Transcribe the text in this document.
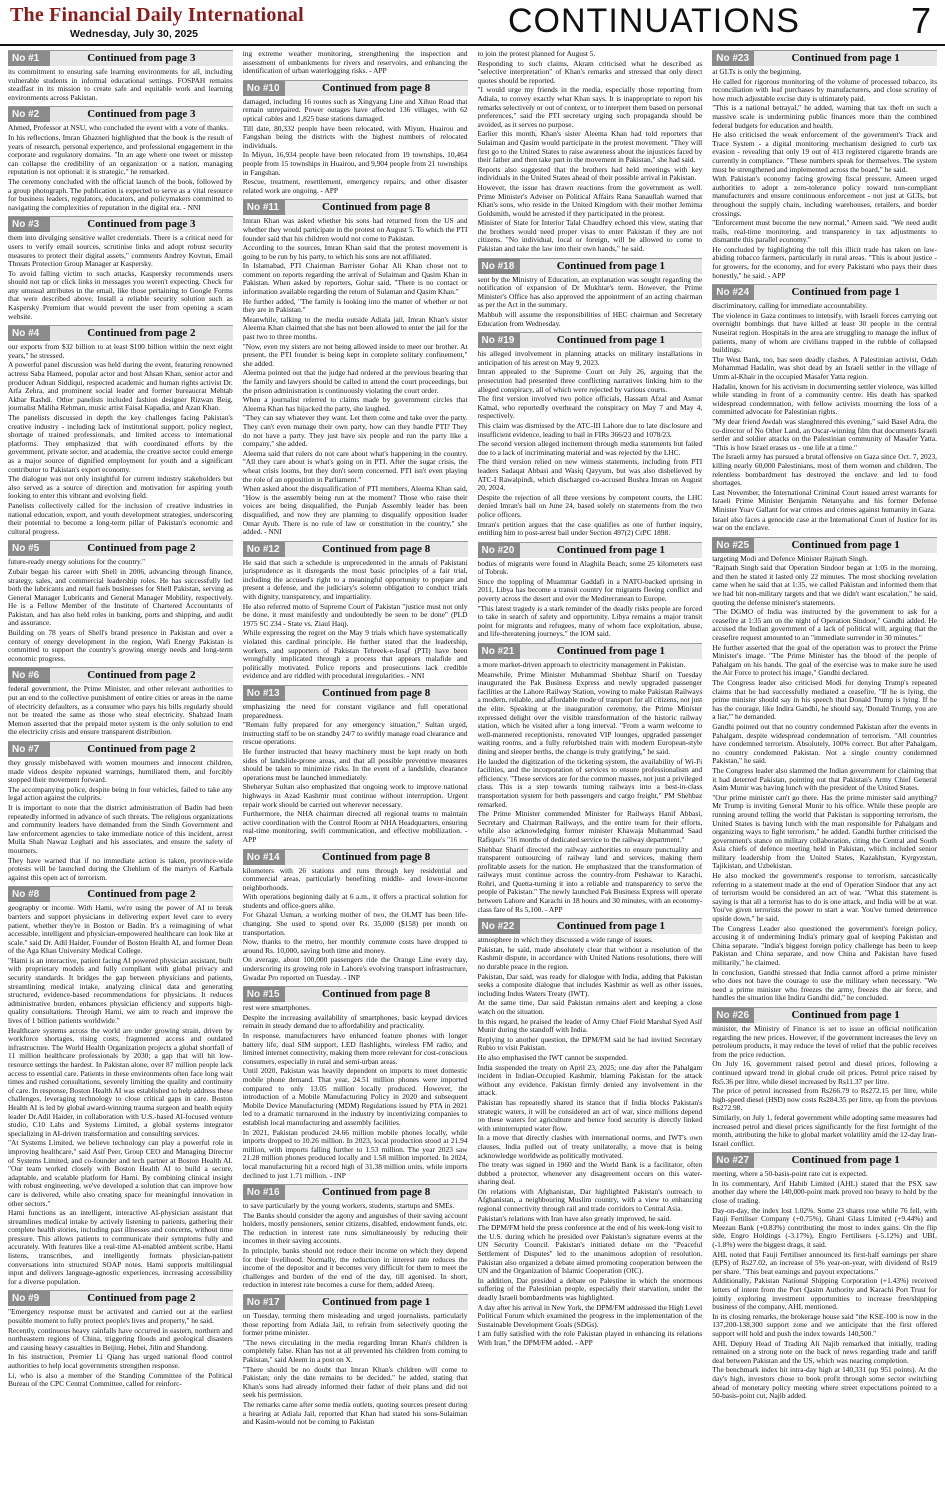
The Financial Daily International
Wednesday, July 30, 2025	CONTINUATIONS	7
No #1	Continued from page 3

its commitment to ensuring safe learning environments for all, including vulnerable students in informal educational settings. FOSPAH remains steadfast in its mission to create safe and equitable work and learning environments across Pakistan.

No #2	Continued from page 3

Ahmed, Professor at NSU, who concluded the event with a vote of thanks.

In his reflections, Imran Ghazneri highlighted that the book is the result of years of research, personal experience, and professional engagement in the corporate and regulatory domains. "In an age where one tweet or misstep can collapse the credibility of an organization or a nation, managing reputation is not optional: it is strategic," he remarked.

The ceremony concluded with the official launch of the book, followed by a group photograph. The publication is expected to serve as a vital resource for business leaders, regulators, educators, and policymakers committed to navigating the complexities of reputation in the digital era. - NNI

No #3	Continued from page 3

them into divulging sensitive wallet credentials. There is a critical need for users to verify email sources, scrutinise links and adopt robust security measures to protect their digital assets," comments Andrey Kovtun, Email Threats Protection Group Manager at Kaspersky.

To avoid falling victim to such attacks, Kaspersky recommends users should not tap or click links in messages you weren't expecting. Check for any unusual attributes in the email, like those pertaining to Google Forms that were described above. Install a reliable security solution such as Kaspersky Premium that would prevent the user from opening a scam website.

No #4	Continued from page 2

our exports from $32 billion to at least $100 billion within the next eight years," he stressed.

A powerful panel discussion was held during the event, featuring renowned actress Saba Hameed, popular actor and host Ahsan Khan, senior actor and producer Adnan Siddiqui, respected academic and human rights activist Dr. Arfa Zehra, and prominent social leader and former bureaucrat Mehtab Akbar Rashdi. Other panelists included fashion designer Rizwan Beig, journalist Maliha Rehman, music artist Faisal Kapadia, and Azan Khan.

The panelists discussed in depth the key challenges facing Pakistan's creative industry - including lack of institutional support, policy neglect, shortage of trained professionals, and limited access to international platforms. They emphasized that with coordinated efforts by the government, private sector, and academia, the creative sector could emerge as a major source of dignified employment for youth and a significant contributor to Pakistan's export economy.

The dialogue was not only insightful for current industry stakeholders but also served as a source of direction and motivation for aspiring youth looking to enter this vibrant and evolving field.

Panelists collectively called for the inclusion of creative industries in national education, export, and youth development strategies, underscoring their potential to become a long-term pillar of Pakistan's economic and cultural progress.

No #5	Continued from page 2

future-ready energy solutions for the country."

Zubair began his career with Shell in 2006, advancing through finance, strategy, sales, and commercial leadership roles. He has successfully led both the lubricants and retail fuels businesses for Shell Pakistan, serving as General Manager Lubricants and General Manager Mobility, respectively. He is a Fellow Member of the Institute of Chartered Accountants of Pakistan, and has also held roles in banking, ports and shipping, and audit and assurance.

Building on 78 years of Shell's brand presence in Pakistan and over a century of energy development in the region, Wafi Energy Pakistan is committed to support the country's growing energy needs and long-term economic progress.

No #6	Continued from page 2

federal government, the Prime Minister, and other relevant authorities to put an end to the collective punishment of entire cities or areas in the name of electricity defaulters, as a consumer who pays his bills regularly should not be treated the same as those who steal electricity. Shahzad Inam Memon asserted that the prepaid meter system is the only solution to end the electricity crisis and ensure transparent distribution.

No #7	Continued from page 2

they grossly misbehaved with women mourners and innocent children, made videos despite repeated warnings, humiliated them, and forcibly stopped their movement forward.

The accompanying police, despite being in four vehicles, failed to take any legal action against the culprits.

It is important to note that the district administration of Badin had been repeatedly informed in advance of such threats. The religious organizations and community leaders have demanded from the Sindh Government and law enforcement agencies to take immediate notice of this incident, arrest Mulla Shah Nawaz Leghari and his associates, and ensure the safety of mourners.

They have warned that if no immediate action is taken, province-wide protests will be launched during the Chehlum of the martyrs of Karbala against this open act of terrorism.

No #8	Continued from page 2

geography or income. With Hami, we're using the power of AI to break barriers and support physicians in delivering expert level care to every patient, whether they're in Boston or Badin. It's a reimagining of what accessible, intelligent and physician-empowered healthcare can look like at scale." said Dr. Adil Haider, Founder of Boston Health AI, and former Dean of the Aga Khan University Medical College.

"Hami is an interactive, patient facing AI powered physician assistant, built with proprietary models and fully compliant with global privacy and security standards. It bridges the gap between physicians and patients, streamlining medical intake, analyzing clinical data and generating structured, evidence-based recommendations for physicians. It reduces administrative burden, enhances physician efficiency and supports high-quality consultations. Through Hami, we aim to reach and improve the lives of 1 billion patients worldwide."

Healthcare systems across the world are under growing strain, driven by workforce shortages, rising costs, fragmented access and outdated infrastructure. The World Health Organization projects a global shortfall of 11 million healthcare professionals by 2030; a gap that will hit low-resource settings the hardest. In Pakistan alone, over 87 million people lack access to essential care. Patients in these environments often face long wait times and rushed consultations, severely limiting the quality and continuity of care. In response, Boston Health AI was established to help address these challenges, leveraging technology to close critical gaps in care. Boston Health AI is led by global award-winning trauma surgeon and health equity leader Dr.Adil Haider, in collaboration with U.S.-based AI-focused venture studio, C10 Labs and Systems Limited, a global systems integrator specializing in AI-driven transformation and consulting services.

"At Systems Limited, we believe technology can play a powerful role in improving healthcare," said Asif Peer, Group CEO and Managing Director of Systems Limited, and co-founder and tech partner at Boston Health AI. "Our team worked closely with Boston Health AI to build a secure, adaptable, and scalable platform for Hami. By combining clinical insight with robust engineering, we've developed a solution that can improve how care is delivered, while also creating space for meaningful innovation in other sectors."

Hami functions as an intelligent, interactive AI-physician assistant that streamlines medical intake by actively listening to patients, gathering their complete health stories, including past illnesses and concerns, without time pressure. This allows patients to communicate their symptoms fully and accurately. With features like a real-time AI-enabled ambient scribe, Hami listens, transcribes, and intelligently formats physician-patient conversations into structured SOAP notes. Hami supports multilingual input and delivers language-agnostic experiences, increasing accessibility for a diverse population.

No #9	Continued from page 2

"Emergency response must be activated and carried out at the earliest possible moment to fully protect people's lives and property," he said.

Recently, continuous heavy rainfalls have occurred in eastern, northern and northeastern regions of China, triggering floods and geological disasters and causing heavy casualties in Beijing, Hebei, Jilin and Shandong.

In his instruction, Premier Li Qiang has urged national flood control authorities to help local governments strengthen response.

Li, who is also a member of the Standing Committee of the Political Bureau of the CPC Central Committee, called for reinforc-

ing extreme weather monitoring, strengthening the inspection and assessment of embankments for rivers and reservoirs, and enhancing the identification of urban waterlogging risks. - APP

No #10	Continued from page 8

damaged, including 16 routes such as Xingyang Line and Xihuo Road that remain unrepaired. Power outages have affected 136 villages, with 62 optical cables and 1,825 base stations damaged.

Till date, 80,332 people have been relocated, with Miyun, Huairou and Fangshan being the districts with the highest numbers of relocated individuals.

In Miyun, 16,934 people have been relocated from 19 townships, 10,464 people from 15 townships in Huairou, and 9,904 people from 21 townships in Fangshan.

Rescue, treatment, resettlement, emergency repairs, and other disaster related work are ongoing. - APP

No #11	Continued from page 8

Imran Khan was asked whether his sons had returned from the US and whether they would participate in the protest on August 5. To which the PTI founder said that his children would not come to Pakistan.

According to the sources, Imran Khan said that the protest movement is going to be run by his party, to which his sons are not affiliated.

In Islamabad, PTI Chairman Barrister Gohar Ali Khan chose not to comment on reports regarding the arrival of Sulaiman and Qasim Khan in Pakistan. When asked by reporters, Gohar said, "There is no contact or information available regarding the return of Sulaman and Qasim Khan."

He further added, "The family is looking into the matter of whether or not they are in Pakistan."

Meanwhile, talking to the media outside Adiala jail, Imran Khan's sister Aleema Khan claimed that she has not been allowed to enter the jail for the past two to three months.

"Now, even my sisters are not being allowed inside to meet our brother. At present, the PTI founder is being kept in complete solitary confinement," she added.

Aleema pointed out that the judge had ordered at the previous hearing that the family and lawyers should be called to attend the court proceedings, but the prison administration is continuously violating the court order.

When a journalist referred to claims made by government circles that Aleema Khan has hijacked the party, she laughed.

"They can say whatever they want. Let them come and take over the party. They can't even manage their own party, how can they handle PTI? They do not have a party. They just have six people and run the party like a company," she added.

Aleema said that rulers do not care about what's happening in the country. "All they care about is what's going on in PTI. After the sugar crisis, the wheat crisis looms, but they don't seem concerned. PTI isn't even playing the role of an opposition in Parliament."

When asked about the disqualification of PTI members, Aleema Khan said, "How is the assembly being run at the moment? Those who raise their voices are being disqualified, the Punjab Assembly leader has been disqualified, and now they are planning to disqualify opposition leader Omar Ayub. There is no rule of law or constitution in the country," she added. - NNI

No #12	Continued from page 8

He said that such a schedule is unprecedented in the annals of Pakistani jurisprudence as it disregards the most basic principles of a fair trial, including the accused's right to a meaningful opportunity to prepare and present a defense, and the judiciary's solemn obligation to conduct trials with dignity, transparency, and impartiality.

He also referred motto of Supreme Court of Pakistan "justice must not only be done, it must manifestly and undoubtedly be seen to be done" (PLD 1975 SC 234 - State vs. Ziaul Haq).

While expressing the regret on the May 9 trials which have systematically violated this cardinal principle. He further stated that the leadership, workers, and supporters of Pakistan Tehreek-e-Insaf (PTI) have been wrongfully implicated through a process that appears malafide and politically motivated. Police reports and prosecutions lack credible evidence and are riddled with procedural irregularities. - NNI

No #13	Continued from page 8

emphasizing the need for constant vigilance and full operational preparedness.

"Remain fully prepared for any emergency situation," Sultan urged, instructing staff to be on standby 24/7 to swiftly manage road clearance and rescue operations.

He further instructed that heavy machinery must be kept ready on both sides of landslide-prone areas, and that all possible preventive measures should be taken to minimize risks. In the event of a landslide, clearance operations must be launched immediately.

Sheheryar Sultan also emphasized that ongoing work to improve national highways in Azad Kashmir must continue without interruption. Urgent repair work should be carried out wherever necessary.

Furthermore, the NHA chairman directed all regional teams to maintain active coordination with the Control Room at NHA Headquarters, ensuring real-time monitoring, swift communication, and effective mobilization. - APP

No #14	Continued from page 8

kilometers with 26 stations and runs through key residential and commercial areas, particularly benefiting middle- and lower-income neighborhoods.

With operations beginning daily at 6 a.m., it offers a practical solution for students and office-goers alike.

For Ghazal Usman, a working mother of two, the OLMT has been life-changing. She used to spend over Rs. 35,000 ($158) per month on transportation.

Now, thanks to the metro, her monthly commute costs have dropped to around Rs. 10,000, saving both time and money.

On average, about 100,000 passengers ride the Orange Line every day, underscoring its growing role in Lahore's evolving transport infrastructure, Gwadar Pro reported on Tuesday. - INP

No #15	Continued from page 8

rest were smartphones.

Despite the increasing availability of smartphones, basic keypad devices remain in steady demand due to affordability and practicality.

In response, manufacturers have enhanced feature phones with longer battery life, dual SIM support, LED flashlights, wireless FM radio, and limited internet connectivity, making them more relevant for cost-conscious consumers, especially in rural and semi-urban areas.

Until 2020, Pakistan was heavily dependent on imports to meet domestic mobile phone demand. That year, 24.51 million phones were imported compared to only 13.05 million locally produced. However, the introduction of a Mobile Manufacturing Policy in 2020 and subsequent Mobile Device Manufacturing (MDM) Regulations issued by PTA in 2021 led to a dramatic turnaround in the industry by incentivizing companies to establish local manufacturing and assembly facilities.

In 2021, Pakistan produced 24.66 million mobile phones locally, while imports dropped to 10.26 million. In 2023, local production stood at 21.94 million, with imports falling further to 1.53 million. The year 2023 saw 21.28 million phones produced locally and 1.58 million imported. In 2024, local manufacturing hit a record high of 31.38 million units, while imports declined to just 1.71 million. - INP

No #16	Continued from page 8

to save particularly by the young workers, students, startups and SMEs.

The Banks should consider the agony and anguishes of their saving account holders, mostly pensioners, senior citizens, disabled, endowment funds, etc. The reduction in interest rate runs simultaneously by reducing their incomes in their saving accounts.

In principle, banks should not reduce their income on which they depend for their livelihood. Normally, the reduction in interest rate reduces the income of the depositor and it becomes very difficult for them to meet the challenges and burden of the end of the day, till agonised. In short, reduction in interest rate becomes a curse for them, added Ateeq.

No #17	Continued from page 1

on Tuesday, terming them misleading and urged journalists, particularly those reporting from Adiala Jail, to refrain from selectively quoting the former prime minister.

"The news circulating in the media regarding Imran Khan's children is completely false. Khan has not at all prevented his children from coming to Pakistan," said Aleem in a post on X.

"There should be no doubt that Imran Khan's children will come to Pakistan; only the date remains to be decided," he added, stating that Khan's sons had already informed their father of their plans and did not seek his permission.

The remarks came after some media outlets, quoting sources present during a hearing at Adiala Jail, reported that Khan had stated his sons-Sulaiman and Kasim-would not be coming to Pakistan

to join the protest planned for August 5.

Responding to such claims, Akram criticised what he described as "selective interpretation" of Khan's remarks and stressed that only direct quotes should be reported.

"I would urge my friends in the media, especially those reporting from Adiala, to convey exactly what Khan says. It is inappropriate to report his remarks selectively or out of context, or to interpret them based on personal preferences," said the PTI secretary urging such propaganda should be avoided, as it serves no purpose.

Earlier this month, Khan's sister Aleema Khan had told reporters that Sulaiman and Qasim would participate in the protest movement. "They will first go to the United States to raise awareness about the injustices faced by their father and then take part in the movement in Pakistan," she had said.

Reports also suggested that the brothers had held meetings with key individuals in the United States ahead of their possible arrival in Pakistan.

However, the issue has drawn reactions from the government as well. Prime Minister's Adviser on Political Affairs Rana Sanaullah warned that Khan's sons, who reside in the United Kingdom with their mother Jemima Goldsmith, would be arrested if they participated in the protest.

Minister of State for Interior Talal Chaudhry echoed this view, stating that the brothers would need proper visas to enter Pakistan if they are not citizens. "No individual, local or foreign, will be allowed to come to Pakistan and take the law into their own hands," he said.

No #18	Continued from page 1

sent by the Ministry of Education, an explanation was sought regarding the notification of expansion of Dr Mukhtar's term. However, the Prime Minister's Office has also approved the appointment of an acting chairman as per the Act in the summary.

Mahbub will assume the responsibilities of HEC chairman and Secretary Education from Wednesday.

No #19	Continued from page 1

his alleged involvement in planning attacks on military installations in anticipation of his arrest on May 9, 2023.

Imran appealed to the Supreme Court on July 26, arguing that the prosecution had presented three conflicting narratives linking him to the alleged conspiracy, all of which were rejected by various courts.

The first version involved two police officials, Hassam Afzal and Asmat Kamal, who reportedly overheard the conspiracy on May 7 and May 4, respectively.

This claim was dismissed by the ATC-III Lahore due to late disclosure and insufficient evidence, leading to bail in FIRs 366/23 and 1078/23.

The second version alleged incitement through media statements but failed due to a lack of incriminating material and was rejected by the LHC.

The third version relied on new witness statements, including from PTI leaders Sadaqat Abbasi and Wasiq Qayyum, but was also disbelieved by ATC-I Rawalpindi, which discharged co-accused Bushra Imran on August 20, 2024.

Despite the rejection of all three versions by competent courts, the LHC denied Imran's bail on June 24, based solely on statements from the two police officers.

Imran's petition argues that the case qualifies as one of further inquiry, entitling him to post-arrest bail under Section 497(2) CrPC 1898.

No #20	Continued from page 1

bodies of migrants were found in Alaghila Beach, some 25 kilometers east of Tobruk.

Since the toppling of Muammar Gaddafi in a NATO-backed uprising in 2011, Libya has become a transit country for migrants fleeing conflict and poverty across the desert and over the Mediterranean to Europe.

"This latest tragedy is a stark reminder of the deadly risks people are forced to take in search of safety and opportunity. Libya remains a major transit point for migrants and refugees, many of whom face exploitation, abuse, and life-threatening journeys," the IOM said.

No #21	Continued from page 1

a more market-driven approach to electricity management in Pakistan.

Meanwhile, Prime Minister Muhammad Shehbaz Sharif on Tuesday inaugurated the Pak Business Express and newly upgraded passenger facilities at the Lahore Railway Station, vowing to make Pakistan Railways a modern, reliable, and affordable mode of transport for all citizens, not just the elite. Speaking at the inauguration ceremony, the Prime Minister expressed delight over the visible transformation of the historic railway station, which he visited after a long interval. "From a warm welcome to well-mannered receptionists, renovated VIP lounges, upgraded passenger waiting rooms, and a fully refurbished train with modern European-style dining and sleeper berths, the change is truly gratifying," he said.

He lauded the digitization of the ticketing system, the availability of Wi-Fi facilities, and the incorporation of services to ensure professionalism and efficiency. "These services are for the common masses, not just a privileged class. This is a step towards turning railways into a best-in-class transportation system for both passengers and cargo freight," PM Shehbaz remarked.

The Prime Minister commended Minister for Railways Hanif Abbasi, Secretary and Chairman Railways, and the entire team for their efforts, while also acknowledging former minister Khawaja Muhammad Saad Rafique's "16 months of dedicated service to the railway department."

Shehbaz Sharif directed the railway authorities to ensure punctuality and transparent outsourcing of railway land and services, making them profitable assets for the nation. He emphasized that the transformation of railways must continue across the country-from Peshawar to Karachi, Rohri, and Quetta-turning it into a reliable and transparency to serve the people of Pakistan." The newly launched Pak Business Express will operate between Lahore and Karachi in 18 hours and 30 minutes, with an economy-class fare of Rs 5,100. - APP

No #22	Continued from page 1

atmosphere in which they discussed a wide range of issues.

Pakistan, he said, made absolutely clear that without a resolution of the Kashmir dispute, in accordance with United Nations resolutions, there will no durable peace in the region.

Pakistan, Dar said, was ready for dialogue with India, adding that Pakistan seeks a composite dialogue that includes Kashmir as well as other issues, including Indus Waters Treaty (IWT).

At the same time, Dar said Pakistan remains alert and keeping a close watch on the situation.

In this regard, he praised the leader of Army Chief Field Marshal Syed Asif Munir during the standoff with India.

Replying to another question, the DPM/FM said he had invited Secretary Rubio to visit Pakistan.

He also emphasised the IWT cannot be suspended.

India suspended the treaty on April 23, 2025; one day after the Pahalgam incident in Indian-Occupied Kashmir, blaming Pakistan for the attack without any evidence. Pakistan firmly denied any involvement in the attack.

Pakistan has repeatedly shared its stance that if India blocks Pakistan's strategic waters, it will be considered an act of war, since millions depend on these waters for agriculture and hence food security is directly linked with uninterrupted water flow.

In a move that directly clashes with international norms, and IWT's own clauses, India pulled out of treaty unilaterally, a move that is being acknowledge worldwide as politically motivated.

The treaty was signed in 1960 and the World Bank is a facilitator, often dubbed a protector, whenever any disagreement occurs on this water-sharing deal.

On relations with Afghanistan, Dar highlighted Pakistan's outreach to Afghanistan, a neighbouring Muslim country, with a view to enhancing regional connectivity through rail and trade corridors to Central Asia.

Pakistan's relations with Iran have also greatly improved, he said.

The DPM/FM held the press conference at the end of his week-long visit to the U.S. during which he presided over Pakistan's signature events at the UN Security Council. Pakistan's initiated debate on the "Peaceful Settlement of Disputes" led to the unanimous adoption of resolution. Pakistan also organized a debate aimed promoting cooperation between the UN and the Organization of Islamic Cooperation (OIC).

In addition, Dar presided a debate on Palestine in which the enormous suffering of the Palestinian people, especially their starvation, under the deadly Israeli bombardments was highlighted.

A day after his arrival in New York, the DPM/FM addressed the High Level Political Forum which examined the progress in the implementation of the Sustainable Development Goals (SDGs).

I am fully satisfied with the role Pakistan played in enhancing its relations With Iran," the DPM/FM added. - APP

No #23	Continued from page 1

at GLTs is only the beginning.

He called for rigorous monitoring of the volume of processed tobacco, its reconciliation with leaf purchases by manufacturers, and close scrutiny of how much adjustable excise duty is ultimately paid.

"This is a national betrayal," he added, warning that tax theft on such a massive scale is undermining public finances more than the combined federal budgets for education and health.

He also criticised the weak enforcement of the government's Track and Trace System - a digital monitoring mechanism designed to curb tax evasion - revealing that only 19 out of 413 registered cigarette brands are currently in compliance. "These numbers speak for themselves. The system must be strengthened and implemented across the board," he said.

With Pakistan's economy facing growing fiscal pressure, Ameen urged authorities to adopt a zero-tolerance policy toward non-compliant manufacturers and ensure continuous enforcement - not just at GLTs, but throughout the supply chain, including warehouses, retailers, and border crossings.

"Enforcement must become the new normal," Ameen said. "We need audit trails, real-time monitoring, and transparency in tax adjustments to dismantle this parallel economy."

He concluded by highlighting the toll this illicit trade has taken on law-abiding tobacco farmers, particularly in rural areas. "This is about justice - for growers, for the economy, and for every Pakistani who pays their dues honestly," he said. - APP

No #24	Continued from page 1

discriminatory, calling for immediate accountability.

The violence in Gaza continues to intensify, with Israeli forces carrying out overnight bombings that have killed at least 30 people in the central Nuseirat region. Hospitals in the area are struggling to manage the influx of patients, many of whom are civilians trapped in the rubble of collapsed buildings.

The West Bank, too, has seen deadly clashes. A Palestinian activist, Odah Mohammad Hadalin, was shot dead by an Israeli settler in the village of Umm al-Khair in the occupied Masafer Yatta region.

Hadalin, known for his activism in documenting settler violence, was killed while standing in front of a community centre. His death has sparked widespread condemnation, with fellow activists mourning the loss of a committed advocate for Palestinian rights.

"My dear friend Awdah was slaughtered this evening," said Basel Adra, the co-director of No Other Land, an Oscar-winning film that documents Israeli settler and soldier attacks on the Palestinian community of Masafer Yatta. "This is how Israel erases us - one life at a time."

The Israeli army has pursued a brutal offensive on Gaza since Oct. 7, 2023, killing nearly 60,000 Palestinians, most of them women and children. The relentless bombardment has destroyed the enclave and led to food shortages.

Last November, the International Criminal Court issued arrest warrants for Israeli Prime Minister Benjamin Netanyahu and his former Defense Minister Yoav Gallant for war crimes and crimes against humanity in Gaza.

Israel also faces a genocide case at the International Court of Justice for its war on the enclave.

No #25	Continued from page 1

targeting Modi and Defence Minister Rajnath Singh.

"Rajnath Singh said that Operation Sindoor began at 1:05 in the morning, and then he stated it lasted only 22 minutes. The most shocking revelation came when he said that at 1:35, we called Pakistan and informed them that we had hit non-military targets and that we didn't want escalation," he said, quoting the defense minister's statements.

"The DGMO of India was instructed by the government to ask for a ceasefire at 1:35 am on the night of Operation Sindoor," Gandhi added. He accused the Indian government of a lack of political will, arguing that the ceasefire request amounted to an "immediate surrender in 30 minutes."

He further asserted that the goal of the operation was to protect the Prime Minister's image. "The Prime Minister has the blood of the people of Pahalgam on his hands. The goal of the exercise was to make sure he used the Air Force to protect his image," Gandhi declared.

The Congress leader also criticised Modi for denying Trump's repeated claims that he had successfully mediated a ceasefire. "If he is lying, the prime minister should say in his speech that Donald Trump is lying. If he has the courage, like Indira Gandhi, he should say, 'Donald Trump, you are a liar,'" he demanded.

Gandhi pointed out that no country condemned Pakistan after the events in Pahalgam, despite widespread condemnation of terrorism. "All countries have condemned terrorism. Absolutely, 100% correct. But after Pahalgam, no country condemned Pakistan. Not a single country condemned Pakistan," he said.

The Congress leader also slammed the Indian government for claiming that it had deterred Pakistan, pointing out that Pakistan's Army Chief General Asim Munir was having lunch with the president of the United States.

"Our prime minister can't go there. Has the prime minister said anything? Mr Trump is inviting General Munir to his office. While these people are running around telling the world that Pakistan is supporting terrorism, the United States is having lunch with the man responsible for Pahalgam and organizing ways to fight terrorism," he added. Gandhi further criticised the government's stance on military collaboration, citing the Central and South Asia chiefs of defence meeting held in Pakistan, which included senior military leadership from the United States, Kazakhstan, Kyrgyzstan, Tajikistan, and Uzbekistan.

He also mocked the government's response to terrorism, sarcastically referring to a statement made at the end of Operation Sindoor that any act of terrorism would be considered an act of war. "What this statement is saying is that all a terrorist has to do is one attack, and India will be at war. You've given terrorists the power to start a war. You've turned deterrence upside down," he said.

The Congress Leader also questioned the government's foreign policy, accusing it of undermining India's primary goal of keeping Pakistan and China separate. "India's biggest foreign policy challenge has been to keep Pakistan and China separate, and now China and Pakistan have fused militarily," he claimed.

In conclusion, Gandhi stressed that India cannot afford a prime minister who does not have the courage to use the military when necessary. "We need a prime minister who freezes the army, freezes the air force, and handles the situation like Indira Gandhi did," he concluded.

No #26	Continued from page 1

minister, the Ministry of Finance is set to issue an official notification regarding the new prices. However, if the government increases the levy on petroleum products, it may reduce the level of relief that the public receives from the price reduction.

On July 16, government raised petrol and diesel prices, following a continued upward trend in global crude oil prices. Petrol price raised by Rs5.36 per litre, while diesel increased by Rs11.37 per litre.

The price of petrol increased from Rs266.79 to Rs272.15 per litre, while high-speed diesel (HSD) now costs Rs284.35 per litre, up from the previous Rs272.98.

Similarly, on July 1, federal government while adopting same measures had increased petrol and diesel prices significantly for the first fortnight of the month, attributing the hike to global market volatility amid the 12-day Iran-Israel conflict.

No #27	Continued from page 1

meeting, where a 50-basis-point rate cut is expected.

In its commentary, Arif Habib Limited (AHL) stated that the PSX saw another day where the 140,000-point mark proved too heavy to hold by the close of trading.

Day-on-day, the index lost 1.02%. Some 23 shares rose while 76 fell, with Fauji Fertiliser Company (+0.75%), Ghani Glass Limited (+9.44%) and Meezan Bank (+0.83%) contributing the most to index gains. On the flip side, Engro Holdings (-3.17%), Engro Fertilisers (-5.12%) and UBL (-1.8%) were the biggest drags, it said.

AHL noted that Fauji Fertiliser announced its first-half earnings per share (EPS) of Rs27.02, an increase of 5% year-on-year, with dividend of Rs19 per share. "This beat earnings and payout expectations."

Additionally, Pakistan National Shipping Corporation (+1.43%) received letters of intent from the Port Qasim Authority and Karachi Port Trust for jointly exploring investment opportunities to increase free/shipping business of the company, AHL mentioned.

In its closing remarks, the brokerage house said "the KSE-100 is now in the 137,200-138,300 support zone and we anticipate that the first offered support will hold and push the index towards 140,500."

AHL Deputy Head of Trading Ali Najib remarked that initially, trading remained on a strong note on the back of news regarding trade and tariff deal between Pakistan and the US, which was nearing completion.

The benchmark index hit intra-day high at 140,331 (up 951 points). At the day's high, investors chose to book profit through some sector switching ahead of monetary policy meeting where street expectations pointed to a 50-basis-point cut, Najib added.
